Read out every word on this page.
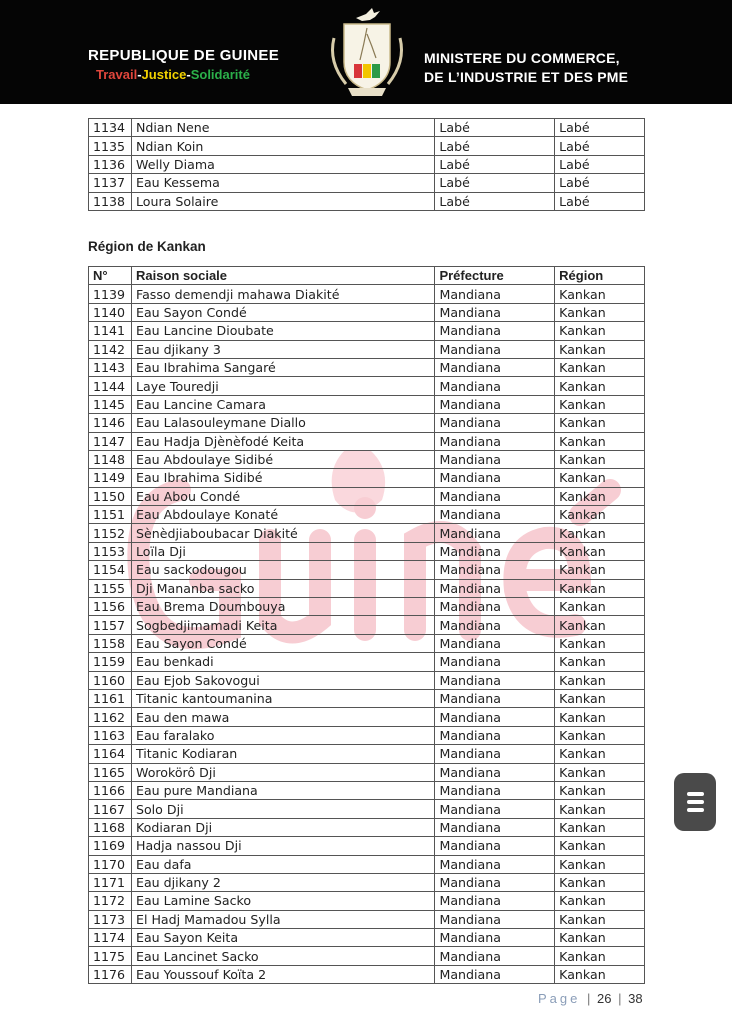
REPUBLIQUE DE GUINEE
Travail-Justice-Solidarité
MINISTERE DU COMMERCE,
DE L’INDUSTRIE ET DES PME
1134	Ndian Nene	Labé	Labé
1135	Ndian Koin	Labé	Labé
1136	Welly Diama	Labé	Labé
1137	Eau Kessema	Labé	Labé
1138	Loura Solaire	Labé	Labé
Région de Kankan
N°	Raison sociale	Préfecture	Région
1139	Fasso demendji mahawa Diakité	Mandiana	Kankan
1140	Eau Sayon Condé	Mandiana	Kankan
1141	Eau Lancine Dioubate	Mandiana	Kankan
1142	Eau djikany 3	Mandiana	Kankan
1143	Eau Ibrahima Sangaré	Mandiana	Kankan
1144	Laye Touredji	Mandiana	Kankan
1145	Eau Lancine Camara	Mandiana	Kankan
1146	Eau Lalasouleymane Diallo	Mandiana	Kankan
1147	Eau Hadja Djènèfodé Keita	Mandiana	Kankan
1148	Eau Abdoulaye Sidibé	Mandiana	Kankan
1149	Eau Ibrahima Sidibé	Mandiana	Kankan
1150	Eau Abou Condé	Mandiana	Kankan
1151	Eau Abdoulaye Konaté	Mandiana	Kankan
1152	Sènèdjiaboubacar Diakité	Mandiana	Kankan
1153	Loïla Dji	Mandiana	Kankan
1154	Eau sackodougou	Mandiana	Kankan
1155	Dji Mananba sacko	Mandiana	Kankan
1156	Eau Brema Doumbouya	Mandiana	Kankan
1157	Sogbedjimamadi Keita	Mandiana	Kankan
1158	Eau Sayon Condé	Mandiana	Kankan
1159	Eau benkadi	Mandiana	Kankan
1160	Eau Ejob Sakovogui	Mandiana	Kankan
1161	Titanic kantoumanina	Mandiana	Kankan
1162	Eau den mawa	Mandiana	Kankan
1163	Eau faralako	Mandiana	Kankan
1164	Titanic Kodiaran	Mandiana	Kankan
1165	Worokörô Dji	Mandiana	Kankan
1166	Eau pure Mandiana	Mandiana	Kankan
1167	Solo Dji	Mandiana	Kankan
1168	Kodiaran Dji	Mandiana	Kankan
1169	Hadja nassou Dji	Mandiana	Kankan
1170	Eau dafa	Mandiana	Kankan
1171	Eau djikany 2	Mandiana	Kankan
1172	Eau Lamine Sacko	Mandiana	Kankan
1173	El Hadj Mamadou Sylla	Mandiana	Kankan
1174	Eau Sayon Keita	Mandiana	Kankan
1175	Eau Lancinet Sacko	Mandiana	Kankan
1176	Eau Youssouf Koïta 2	Mandiana	Kankan
Page | 26 | 38
